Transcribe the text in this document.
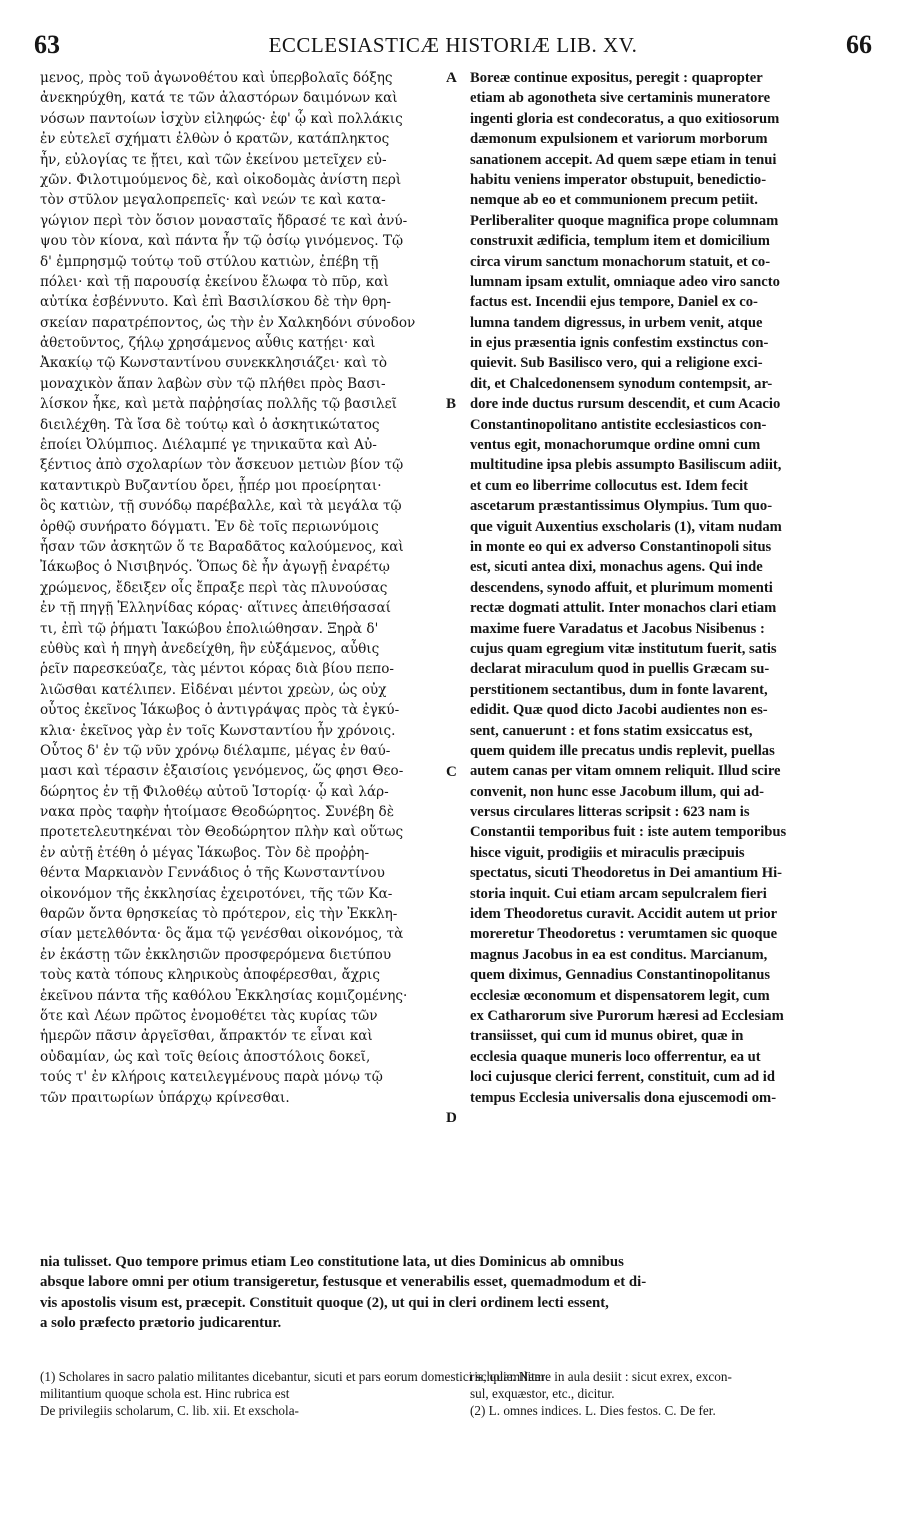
63	ECCLESIASTICÆ HISTORIÆ LIB. XV.	66
μενος, πρὸς τοῦ ἀγωνοθέτου καὶ ὑπερβολαῖς δόξης
ἀνεκηρύχθη, κατά τε τῶν ἀλαστόρων δαιμόνων καὶ
νόσων παντοίων ἰσχὺν εἰληφώς· ἐφ' ᾧ καὶ πολλάκις
ἐν εὐτελεῖ σχήματι ἐλθὼν ὁ κρατῶν, κατάπληκτος
ἦν, εὐλογίας τε ᾔτει, καὶ τῶν ἐκείνου μετεῖχεν εὐ-
χῶν. Φιλοτιμούμενος δὲ, καὶ οἰκοδομὰς ἀνίστη περὶ
τὸν στῦλον μεγαλοπρεπεῖς· καὶ νεών τε καὶ κατα-
γώγιον περὶ τὸν ὅσιον μονασταῖς ἤδρασέ τε καὶ ἀνύ-
ψου τὸν κίονα, καὶ πάντα ἦν τῷ ὁσίῳ γινόμενος. Τῷ
δ' ἐμπρησμῷ τούτῳ τοῦ στύλου κατιὼν, ἐπέβη τῇ
πόλει· καὶ τῇ παρουσίᾳ ἐκείνου ἔλωφα τὸ πῦρ, καὶ
αὐτίκα ἐσβέννυτο. Καὶ ἐπὶ Βασιλίσκου δὲ τὴν θρη-
σκείαν παρατρέποντος, ὡς τὴν ἐν Χαλκηδόνι σύνοδον
ἀθετοῦντος, ζήλῳ χρησάμενος αὖθις κατῄει· καὶ
Ἀκακίῳ τῷ Κωνσταντίνου συνεκκλησιάζει· καὶ τὸ
μοναχικὸν ἅπαν λαβὼν σὺν τῷ πλήθει πρὸς Βασι-
λίσκον ἧκε, καὶ μετὰ παῤῥησίας πολλῆς τῷ βασιλεῖ
διειλέχθη. Τὰ ἴσα δὲ τούτῳ καὶ ὁ ἀσκητικώτατος
ἐποίει Ὀλύμπιος. Διέλαμπέ γε τηνικαῦτα καὶ Αὐ-
ξέντιος ἀπὸ σχολαρίων τὸν ἄσκευον μετιὼν βίον τῷ
καταντικρὺ Βυζαντίου ὄρει, ᾗπέρ μοι προείρηται·
ὃς κατιὼν, τῇ συνόδῳ παρέβαλλε, καὶ τὰ μεγάλα τῷ
ὀρθῷ συνήρατο δόγματι. Ἐν δὲ τοῖς περιωνύμοις
ἦσαν τῶν ἀσκητῶν ὅ τε Βαραδᾶτος καλούμενος, καὶ
Ἰάκωβος ὁ Νισιβηνός. Ὅπως δὲ ἦν ἀγωγῇ ἐναρέτῳ
χρώμενος, ἔδειξεν οἷς ἔπραξε περὶ τὰς πλυνούσας
ἐν τῇ πηγῇ Ἑλληνίδας κόρας· αἵτινες ἀπειθήσασαί
τι, ἐπὶ τῷ ῥήματι Ἰακώβου ἐπολιώθησαν. Ξηρὰ δ'
εὐθὺς καὶ ἡ πηγὴ ἀνεδείχθη, ἣν εὐξάμενος, αὖθις
ῥεῖν παρεσκεύαζε, τὰς μέντοι κόρας διὰ βίου πεπο-
λιῶσθαι κατέλιπεν. Εἰδέναι μέντοι χρεὼν, ὡς οὐχ
οὗτος ἐκεῖνος Ἰάκωβος ὁ ἀντιγράψας πρὸς τὰ ἐγκύ-
κλια· ἐκεῖνος γὰρ ἐν τοῖς Κωνσταντίου ἦν χρόνοις.
Οὗτος δ' ἐν τῷ νῦν χρόνῳ διέλαμπε, μέγας ἐν θαύ-
μασι καὶ τέρασιν ἐξαισίοις γενόμενος, ὥς φησι Θεο-
δώρητος ἐν τῇ Φιλοθέῳ αὐτοῦ Ἱστορίᾳ· ᾧ καὶ λάρ-
νακα πρὸς ταφὴν ἡτοίμασε Θεοδώρητος. Συνέβη δὲ
προτετελευτηκέναι τὸν Θεοδώρητον πλὴν καὶ οὕτως
ἐν αὐτῇ ἐτέθη ὁ μέγας Ἰάκωβος. Τὸν δὲ προῤῥη-
θέντα Μαρκιανὸν Γεννάδιος ὁ τῆς Κωνσταντίνου
οἰκονόμον τῆς ἐκκλησίας ἐχειροτόνει, τῆς τῶν Κα-
θαρῶν ὄντα θρησκείας τὸ πρότερον, εἰς τὴν Ἐκκλη-
σίαν μετελθόντα· ὃς ἅμα τῷ γενέσθαι οἰκονόμος, τὰ
ἐν ἑκάστῃ τῶν ἐκκλησιῶν προσφερόμενα διετύπου
τοὺς κατὰ τόπους κληρικοὺς ἀποφέρεσθαι, ἄχρις
ἐκεῖνου πάντα τῆς καθόλου Ἐκκλησίας κομιζομένης·
ὅτε καὶ Λέων πρῶτος ἐνομοθέτει τὰς κυρίας τῶν
ἡμερῶν πᾶσιν ἀργεῖσθαι, ἄπρακτόν τε εἶναι καὶ
οὐδαμίαν, ὡς καὶ τοῖς θείοις ἀποστόλοις δοκεῖ,
τούς τ' ἐν κλήροις κατειλεγμένους παρὰ μόνῳ τῷ
τῶν πραιτωρίων ὑπάρχῳ κρίνεσθαι.
A
B
C
D
Boreæ continue expositus, peregit : quapropter
etiam ab agonotheta sive certaminis muneratore
ingenti gloria est condecoratus, a quo exitiosorum
dæmonum expulsionem et variorum morborum
sanationem accepit. Ad quem sæpe etiam in tenui
habitu veniens imperator obstupuit, benedictio-
nemque ab eo et communionem precum petiit.
Perliberaliter quoque magnifica prope columnam
construxit ædificia, templum item et domicilium
circa virum sanctum monachorum statuit, et co-
lumnam ipsam extulit, omniaque adeo viro sancto
factus est. Incendii ejus tempore, Daniel ex co-
lumna tandem digressus, in urbem venit, atque
in ejus præsentia ignis confestim exstinctus con-
quievit. Sub Basilisco vero, qui a religione exci-
dit, et Chalcedonensem synodum contempsit, ar-
dore inde ductus rursum descendit, et cum Acacio
Constantinopolitano antistite ecclesiasticos con-
ventus egit, monachorumque ordine omni cum
multitudine ipsa plebis assumpto Basiliscum adiit,
et cum eo liberrime collocutus est. Idem fecit
ascetarum præstantissimus Olympius. Tum quo-
que viguit Auxentius exscholaris (1), vitam nudam
in monte eo qui ex adverso Constantinopoli situs
est, sicuti antea dixi, monachus agens. Qui inde
descendens, synodo affuit, et plurimum momenti
rectæ dogmati attulit. Inter monachos clari etiam
maxime fuere Varadatus et Jacobus Nisibenus :
cujus quam egregium vitæ institutum fuerit, satis
declarat miraculum quod in puellis Græcam su-
perstitionem sectantibus, dum in fonte lavarent,
edidit. Quæ quod dicto Jacobi audientes non es-
sent, canuerunt : et fons statim exsiccatus est,
quem quidem ille precatus undis replevit, puellas
autem canas per vitam omnem reliquit. Illud scire
convenit, non hunc esse Jacobum illum, qui ad-
versus circulares litteras scripsit : 623 nam is
Constantii temporibus fuit : iste autem temporibus
hisce viguit, prodigiis et miraculis præcipuis
spectatus, sicuti Theodoretus in Dei amantium Hi-
storia inquit. Cui etiam arcam sepulcralem fieri
idem Theodoretus curavit. Accidit autem ut prior
moreretur Theodoretus : verumtamen sic quoque
magnus Jacobus in ea est conditus. Marcianum,
quem diximus, Gennadius Constantinopolitanus
ecclesiæ œconomum et dispensatorem legit, cum
ex Catharorum sive Purorum hæresi ad Ecclesiam
transiisset, qui cum id munus obiret, quæ in
ecclesia quaque muneris loco offerrentur, ea ut
loci cujusque clerici ferrent, constituit, cum ad id
tempus Ecclesia universalis dona ejuscemodi om-
nia tulisset. Quo tempore primus etiam Leo constitutione lata, ut dies Dominicus ab omnibus
absque labore omni per otium transigeretur, festusque et venerabilis esset, quemadmodum et di-
vis apostolis visum est, præcepit. Constituit quoque (2), ut qui in cleri ordinem lecti essent,
a solo præfecto prætorio judicarentur.
(1) Scholares in sacro palatio militantes dicebantur, sicuti et pars eorum domestici scholæ. Nam
militantium quoque schola est. Hinc rubrica est
De privilegiis scholarum, C. lib. xii. Et exschola-
ris, qui militare in aula desiit : sicut exrex, excon-
sul, exquæstor, etc., dicitur.
(2) L. omnes indices. L. Dies festos. C. De fer.
